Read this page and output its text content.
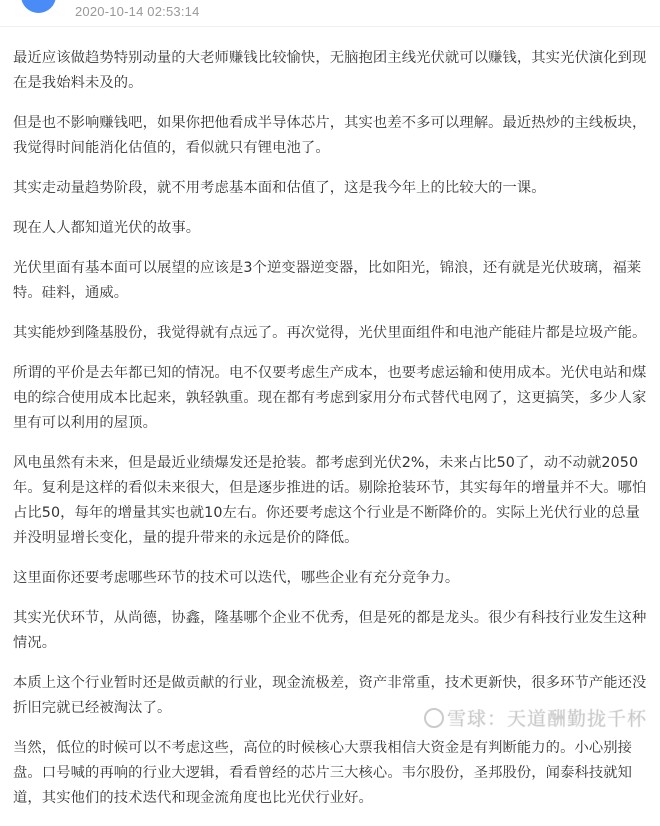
2020-10-14 02:53:14

最近应该做趋势特别动量的大老师赚钱比较愉快，无脑抱团主线光伏就可以赚钱，其实光伏演化到现在是我始料未及的。

但是也不影响赚钱吧，如果你把他看成半导体芯片，其实也差不多可以理解。最近热炒的主线板块，我觉得时间能消化估值的，看似就只有锂电池了。

其实走动量趋势阶段，就不用考虑基本面和估值了，这是我今年上的比较大的一课。

现在人人都知道光伏的故事。

光伏里面有基本面可以展望的应该是3个逆变器逆变器，比如阳光，锦浪，还有就是光伏玻璃，福莱特。硅料，通威。

其实能炒到隆基股份，我觉得就有点远了。再次觉得，光伏里面组件和电池产能硅片都是垃圾产能。

所谓的平价是去年都已知的情况。电不仅要考虑生产成本，也要考虑运输和使用成本。光伏电站和煤电的综合使用成本比起来，孰轻孰重。现在都有考虑到家用分布式替代电网了，这更搞笑，多少人家里有可以利用的屋顶。

风电虽然有未来，但是最近业绩爆发还是抢装。都考虑到光伏2%，未来占比50了，动不动就2050年。复利是这样的看似未来很大，但是逐步推进的话。剔除抢装环节，其实每年的增量并不大。哪怕占比50，每年的增量其实也就10左右。你还要考虑这个行业是不断降价的。实际上光伏行业的总量并没明显增长变化，量的提升带来的永远是价的降低。

这里面你还要考虑哪些环节的技术可以迭代，哪些企业有充分竞争力。

其实光伏环节，从尚德，协鑫，隆基哪个企业不优秀，但是死的都是龙头。很少有科技行业发生这种情况。

本质上这个行业暂时还是做贡献的行业，现金流极差，资产非常重，技术更新快，很多环节产能还没折旧完就已经被淘汰了。

当然，低位的时候可以不考虑这些，高位的时候核心大票我相信大资金是有判断能力的。小心别接盘。口号喊的再响的行业大逻辑，看看曾经的芯片三大核心。韦尔股份，圣邦股份，闻泰科技就知道，其实他们的技术迭代和现金流角度也比光伏行业好。

雪球：天道酬勤拢千杯
